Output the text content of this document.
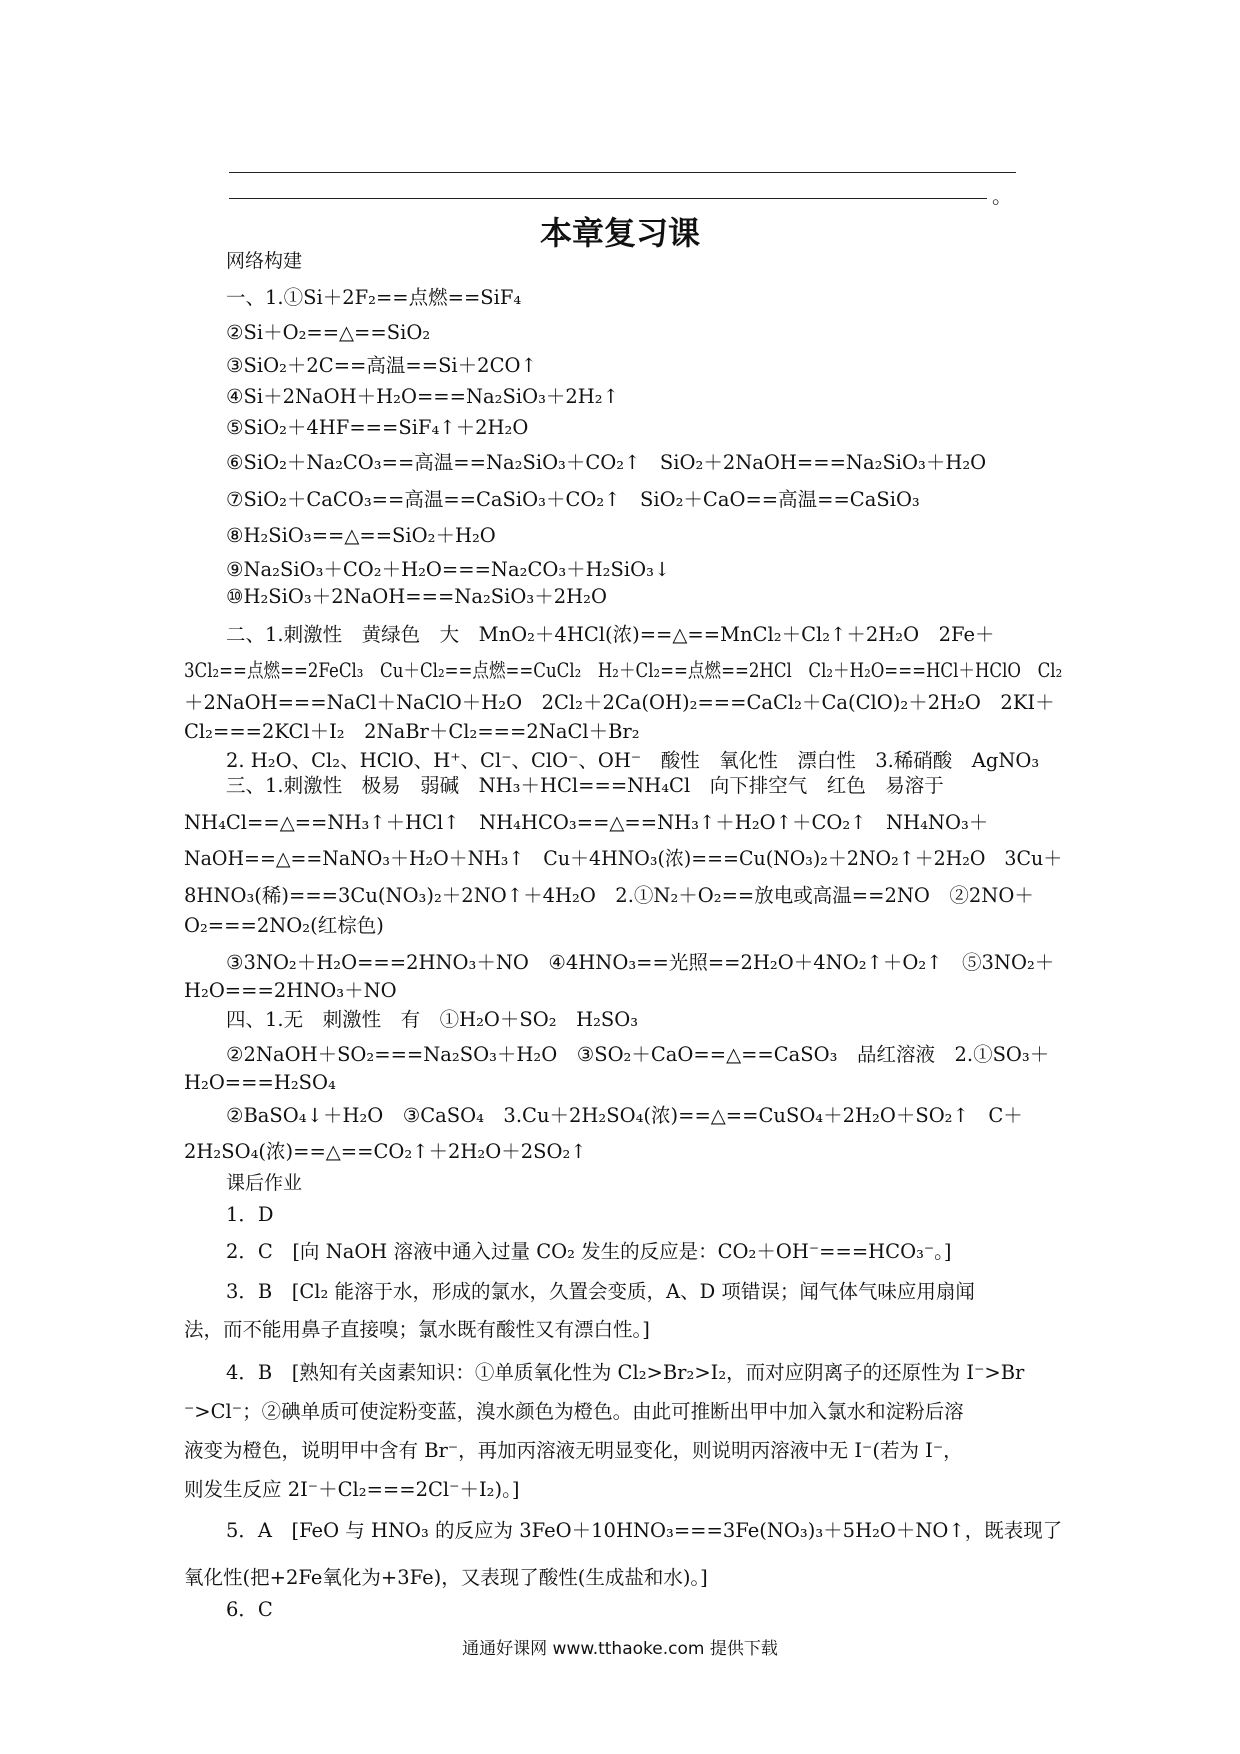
。
本章复习课
网络构建
一、1.①Si＋2F₂==点燃==SiF₄
②Si＋O₂==△==SiO₂
③SiO₂＋2C==高温==Si＋2CO↑
④Si＋2NaOH＋H₂O===Na₂SiO₃＋2H₂↑
⑤SiO₂＋4HF===SiF₄↑＋2H₂O
⑥SiO₂＋Na₂CO₃==高温==Na₂SiO₃＋CO₂↑　SiO₂＋2NaOH===Na₂SiO₃＋H₂O
⑦SiO₂＋CaCO₃==高温==CaSiO₃＋CO₂↑　SiO₂＋CaO==高温==CaSiO₃
⑧H₂SiO₃==△==SiO₂＋H₂O
⑨Na₂SiO₃＋CO₂＋H₂O===Na₂CO₃＋H₂SiO₃↓
⑩H₂SiO₃＋2NaOH===Na₂SiO₃＋2H₂O
二、1.刺激性　黄绿色　大　MnO₂＋4HCl(浓)==△==MnCl₂＋Cl₂↑＋2H₂O　2Fe＋
3Cl₂==点燃==2FeCl₃　Cu＋Cl₂==点燃==CuCl₂　H₂＋Cl₂==点燃==2HCl　Cl₂＋H₂O===HCl＋HClO　Cl₂
＋2NaOH===NaCl＋NaClO＋H₂O　2Cl₂＋2Ca(OH)₂===CaCl₂＋Ca(ClO)₂＋2H₂O　2KI＋
Cl₂===2KCl＋I₂　2NaBr＋Cl₂===2NaCl＋Br₂
2. H₂O、Cl₂、HClO、H⁺、Cl⁻、ClO⁻、OH⁻　酸性　氧化性　漂白性　3.稀硝酸　AgNO₃
三、1.刺激性　极易　弱碱　NH₃＋HCl===NH₄Cl　向下排空气　红色　易溶于
NH₄Cl==△==NH₃↑＋HCl↑　NH₄HCO₃==△==NH₃↑＋H₂O↑＋CO₂↑　NH₄NO₃＋
NaOH==△==NaNO₃＋H₂O＋NH₃↑　Cu＋4HNO₃(浓)===Cu(NO₃)₂＋2NO₂↑＋2H₂O　3Cu＋
8HNO₃(稀)===3Cu(NO₃)₂＋2NO↑＋4H₂O　2.①N₂＋O₂==放电或高温==2NO　②2NO＋
O₂===2NO₂(红棕色)
③3NO₂＋H₂O===2HNO₃＋NO　④4HNO₃==光照==2H₂O＋4NO₂↑＋O₂↑　⑤3NO₂＋
H₂O===2HNO₃＋NO
四、1.无　刺激性　有　①H₂O＋SO₂　H₂SO₃
②2NaOH＋SO₂===Na₂SO₃＋H₂O　③SO₂＋CaO==△==CaSO₃　品红溶液　2.①SO₃＋
H₂O===H₂SO₄
②BaSO₄↓＋H₂O　③CaSO₄　3.Cu＋2H₂SO₄(浓)==△==CuSO₄＋2H₂O＋SO₂↑　C＋
2H₂SO₄(浓)==△==CO₂↑＋2H₂O＋2SO₂↑
课后作业
1．D
2．C　[向 NaOH 溶液中通入过量 CO₂ 发生的反应是：CO₂＋OH⁻===HCO₃⁻。]
3．B　[Cl₂ 能溶于水，形成的氯水，久置会变质，A、D 项错误；闻气体气味应用扇闻
法，而不能用鼻子直接嗅；氯水既有酸性又有漂白性。]
4．B　[熟知有关卤素知识：①单质氧化性为 Cl₂>Br₂>I₂，而对应阴离子的还原性为 I⁻>Br
⁻>Cl⁻；②碘单质可使淀粉变蓝，溴水颜色为橙色。由此可推断出甲中加入氯水和淀粉后溶
液变为橙色，说明甲中含有 Br⁻，再加丙溶液无明显变化，则说明丙溶液中无 I⁻(若为 I⁻，
则发生反应 2I⁻＋Cl₂===2Cl⁻＋I₂)。]
5．A　[FeO 与 HNO₃ 的反应为 3FeO＋10HNO₃===3Fe(NO₃)₃＋5H₂O＋NO↑，既表现了
氧化性(把+2Fe氧化为+3Fe)，又表现了酸性(生成盐和水)。]
6．C
通通好课网 www.tthaoke.com 提供下载
